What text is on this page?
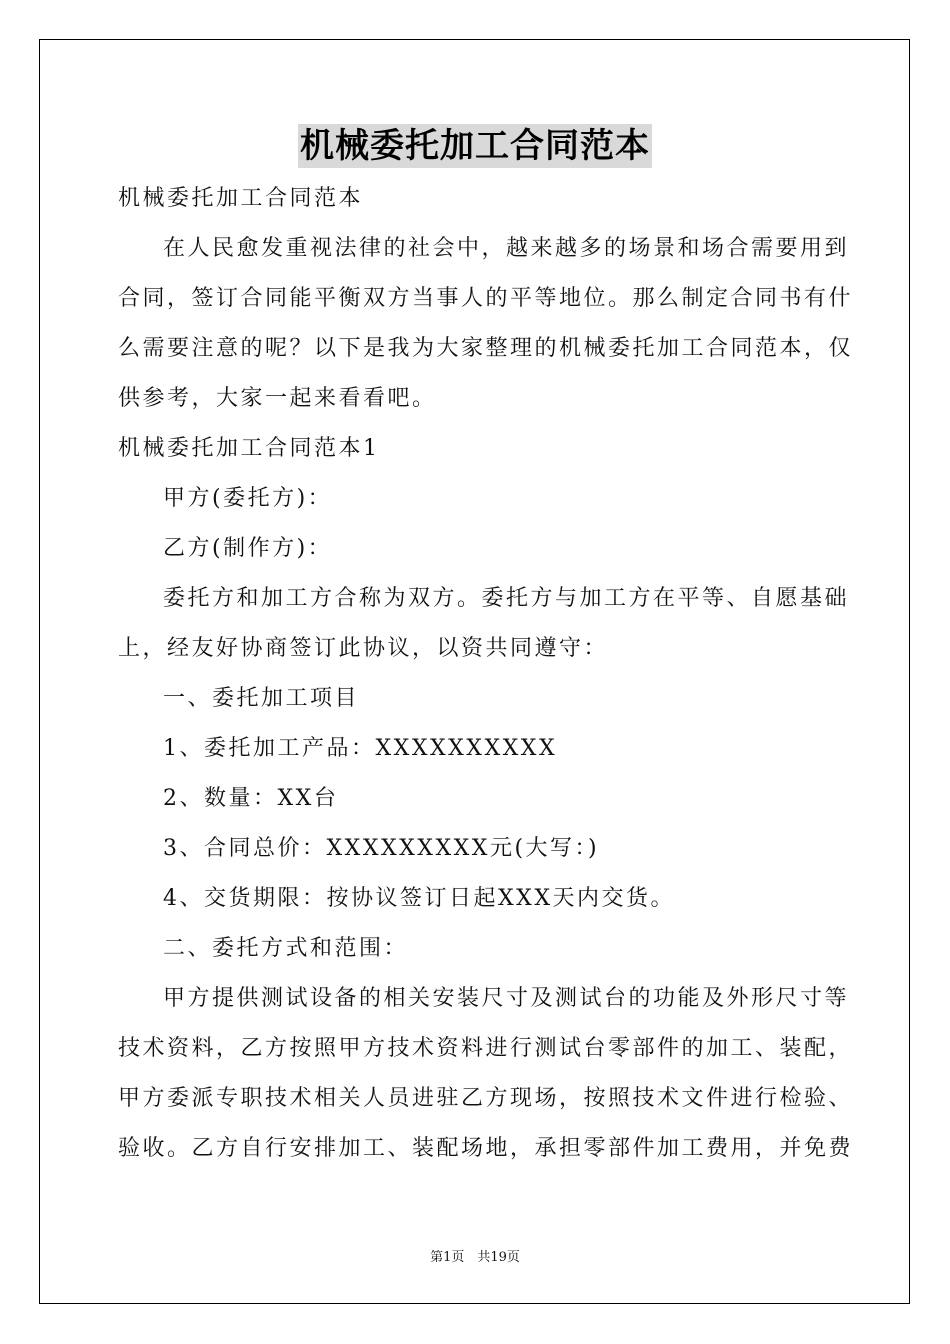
机械委托加工合同范本
机械委托加工合同范本
在人民愈发重视法律的社会中，越来越多的场景和场合需要用到
合同，签订合同能平衡双方当事人的平等地位。那么制定合同书有什
么需要注意的呢？以下是我为大家整理的机械委托加工合同范本，仅
供参考，大家一起来看看吧。
机械委托加工合同范本1
甲方(委托方)：
乙方(制作方)：
委托方和加工方合称为双方。委托方与加工方在平等、自愿基础
上，经友好协商签订此协议，以资共同遵守：
一、委托加工项目
1、委托加工产品：XXXXXXXXXX
2、数量：XX台
3、合同总价：XXXXXXXXX元(大写：)
4、交货期限：按协议签订日起XXX天内交货。
二、委托方式和范围：
甲方提供测试设备的相关安装尺寸及测试台的功能及外形尺寸等
技术资料，乙方按照甲方技术资料进行测试台零部件的加工、装配，
甲方委派专职技术相关人员进驻乙方现场，按照技术文件进行检验、
验收。乙方自行安排加工、装配场地，承担零部件加工费用，并免费
第1页　共19页
